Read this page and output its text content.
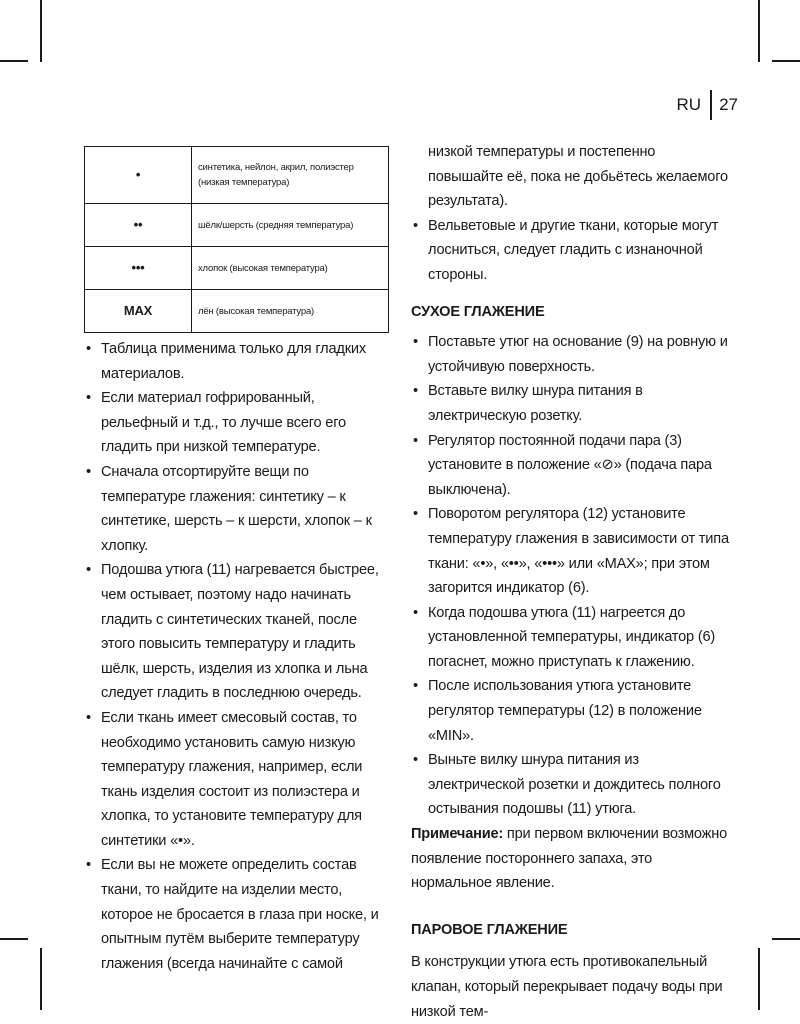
RU	27
•	синтетика, нейлон, акрил, полиэстер (низкая температура)
••	шёлк/шерсть (средняя температура)
•••	хлопок (высокая температура)
MAX	лён (высокая температура)
• Таблица применима только для гладких материалов.
• Если материал гофрированный, рельефный и т.д., то лучше всего его гладить при низкой температуре.
• Сначала отсортируйте вещи по температуре глажения: синтетику – к синтетике, шерсть – к шерсти, хлопок – к хлопку.
• Подошва утюга (11) нагревается быстрее, чем остывает, поэтому надо начинать гладить с синтетических тканей, после этого повысить температуру и гладить шёлк, шерсть, изделия из хлопка и льна следует гладить в последнюю очередь.
• Если ткань имеет смесовый состав, то необходимо установить самую низкую температуру глажения, например, если ткань изделия состоит из полиэстера и хлопка, то установите температуру для синтетики «•».
• Если вы не можете определить состав ткани, то найдите на изделии место, которое не бросается в глаза при носке, и опытным путём выберите температуру глажения (всегда начинайте с самой

низкой температуры и постепенно повышайте её, пока не добьётесь желаемого результата).

• Вельветовые и другие ткани, которые могут лосниться, следует гладить с изнаночной стороны.
СУХОЕ ГЛАЖЕНИЕ
• Поставьте утюг на основание (9) на ровную и устойчивую поверхность.
• Вставьте вилку шнура питания в электрическую розетку.
• Регулятор постоянной подачи пара (3) установите в положение «⊘» (подача пара выключена).
• Поворотом регулятора (12) установите температуру глажения в зависимости от типа ткани: «•», «••», «•••» или «MAX»; при этом загорится индикатор (6).
• Когда подошва утюга (11) нагреется до установленной температуры, индикатор (6) погаснет, можно приступать к глажению.
• После использования утюга установите регулятор температуры (12) в положение «MIN».
• Выньте вилку шнура питания из электрической розетки и дождитесь полного остывания подошвы (11) утюга.

Примечание: при первом включении возможно появление постороннего запаха, это нормальное явление.

ПАРОВОЕ ГЛАЖЕНИЕ

В конструкции утюга есть противокапельный клапан, который перекрывает подачу воды при низкой тем-
